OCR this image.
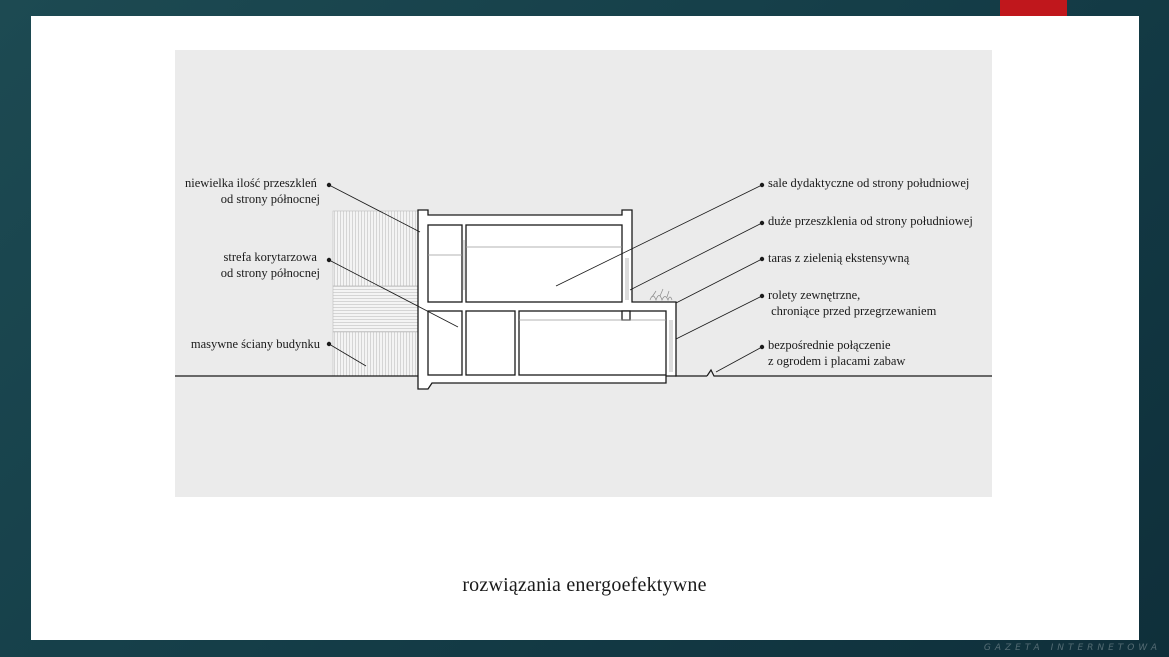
niewielka ilość przeszkleń od strony północnej
strefa korytarzowa od strony północnej
masywne ściany budynku
sale dydaktyczne od strony południowej
duże przeszklenia od strony południowej
taras z zielenią ekstensywną
rolety zewnętrzne,  chroniące przed przegrzewaniem
bezpośrednie połączenie z ogrodem i placami zabaw
rozwiązania energoefektywne
GAZETA INTERNETOWA
